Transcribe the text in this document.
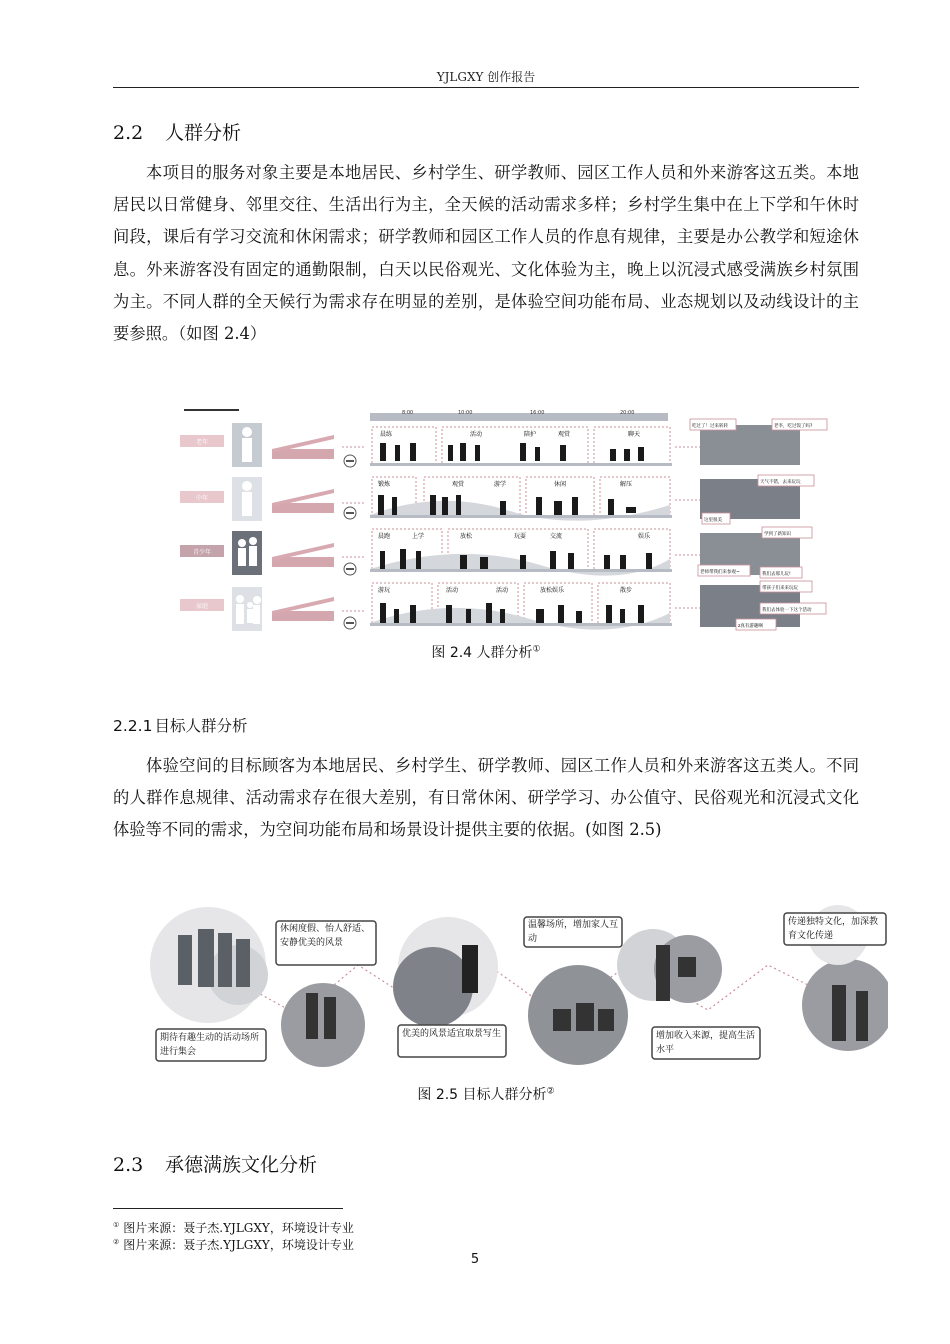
YJLGXY 创作报告
2.2 人群分析

本项目的服务对象主要是本地居民、乡村学生、研学教师、园区工作人员和外来游客这五类。本地居民以日常健身、邻里交往、生活出行为主，全天候的活动需求多样；乡村学生集中在上下学和午休时间段，课后有学习交流和休闲需求；研学教师和园区工作人员的作息有规律，主要是办公教学和短途休息。外来游客没有固定的通勤限制，白天以民俗观光、文化体验为主，晚上以沉浸式感受满族乡村氛围为主。不同人群的全天候行为需求存在明显的差别，是体验空间功能布局、业态规划以及动线设计的主要参照。（如图 2.4）

8:00	10:00	16:00	20:00
老年
晨练	活动	陪护	观赏	聊天
吃过了！过来转转	老李，吃过饭了吗?
中年
锻炼	观赏	游学	休闲	解压	天气不错，去来玩玩
这里很美
青少年
晨跑	上学	放松	玩耍	交流	娱乐	学到了新知识
老师带我们来参观~	我们去那儿玩!
家庭
游玩	活动	活动	放松娱乐	散步	带孩子们来来玩玩
我们去体验一下这个活动
z真有游趣啊
图 2.4 人群分析①
2.2.1 目标人群分析

体验空间的目标顾客为本地居民、乡村学生、研学教师、园区工作人员和外来游客这五类人。不同的人群作息规律、活动需求存在很大差别，有日常休闲、研学学习、办公值守、民俗观光和沉浸式文化体验等不同的需求，为空间功能布局和场景设计提供主要的依据。(如图 2.5)

期待有趣生动的活动场所进行集会
休闲度假、怡人舒适、安静优美的风景
优美的风景适宜取景写生
温馨场所，增加家人互动
增加收入来源，提高生活水平
传递独特文化，加深教育文化传递
图 2.5 目标人群分析②
2.3 承德满族文化分析
① 图片来源：聂子杰.YJLGXY，环境设计专业
② 图片来源：聂子杰.YJLGXY，环境设计专业
5
